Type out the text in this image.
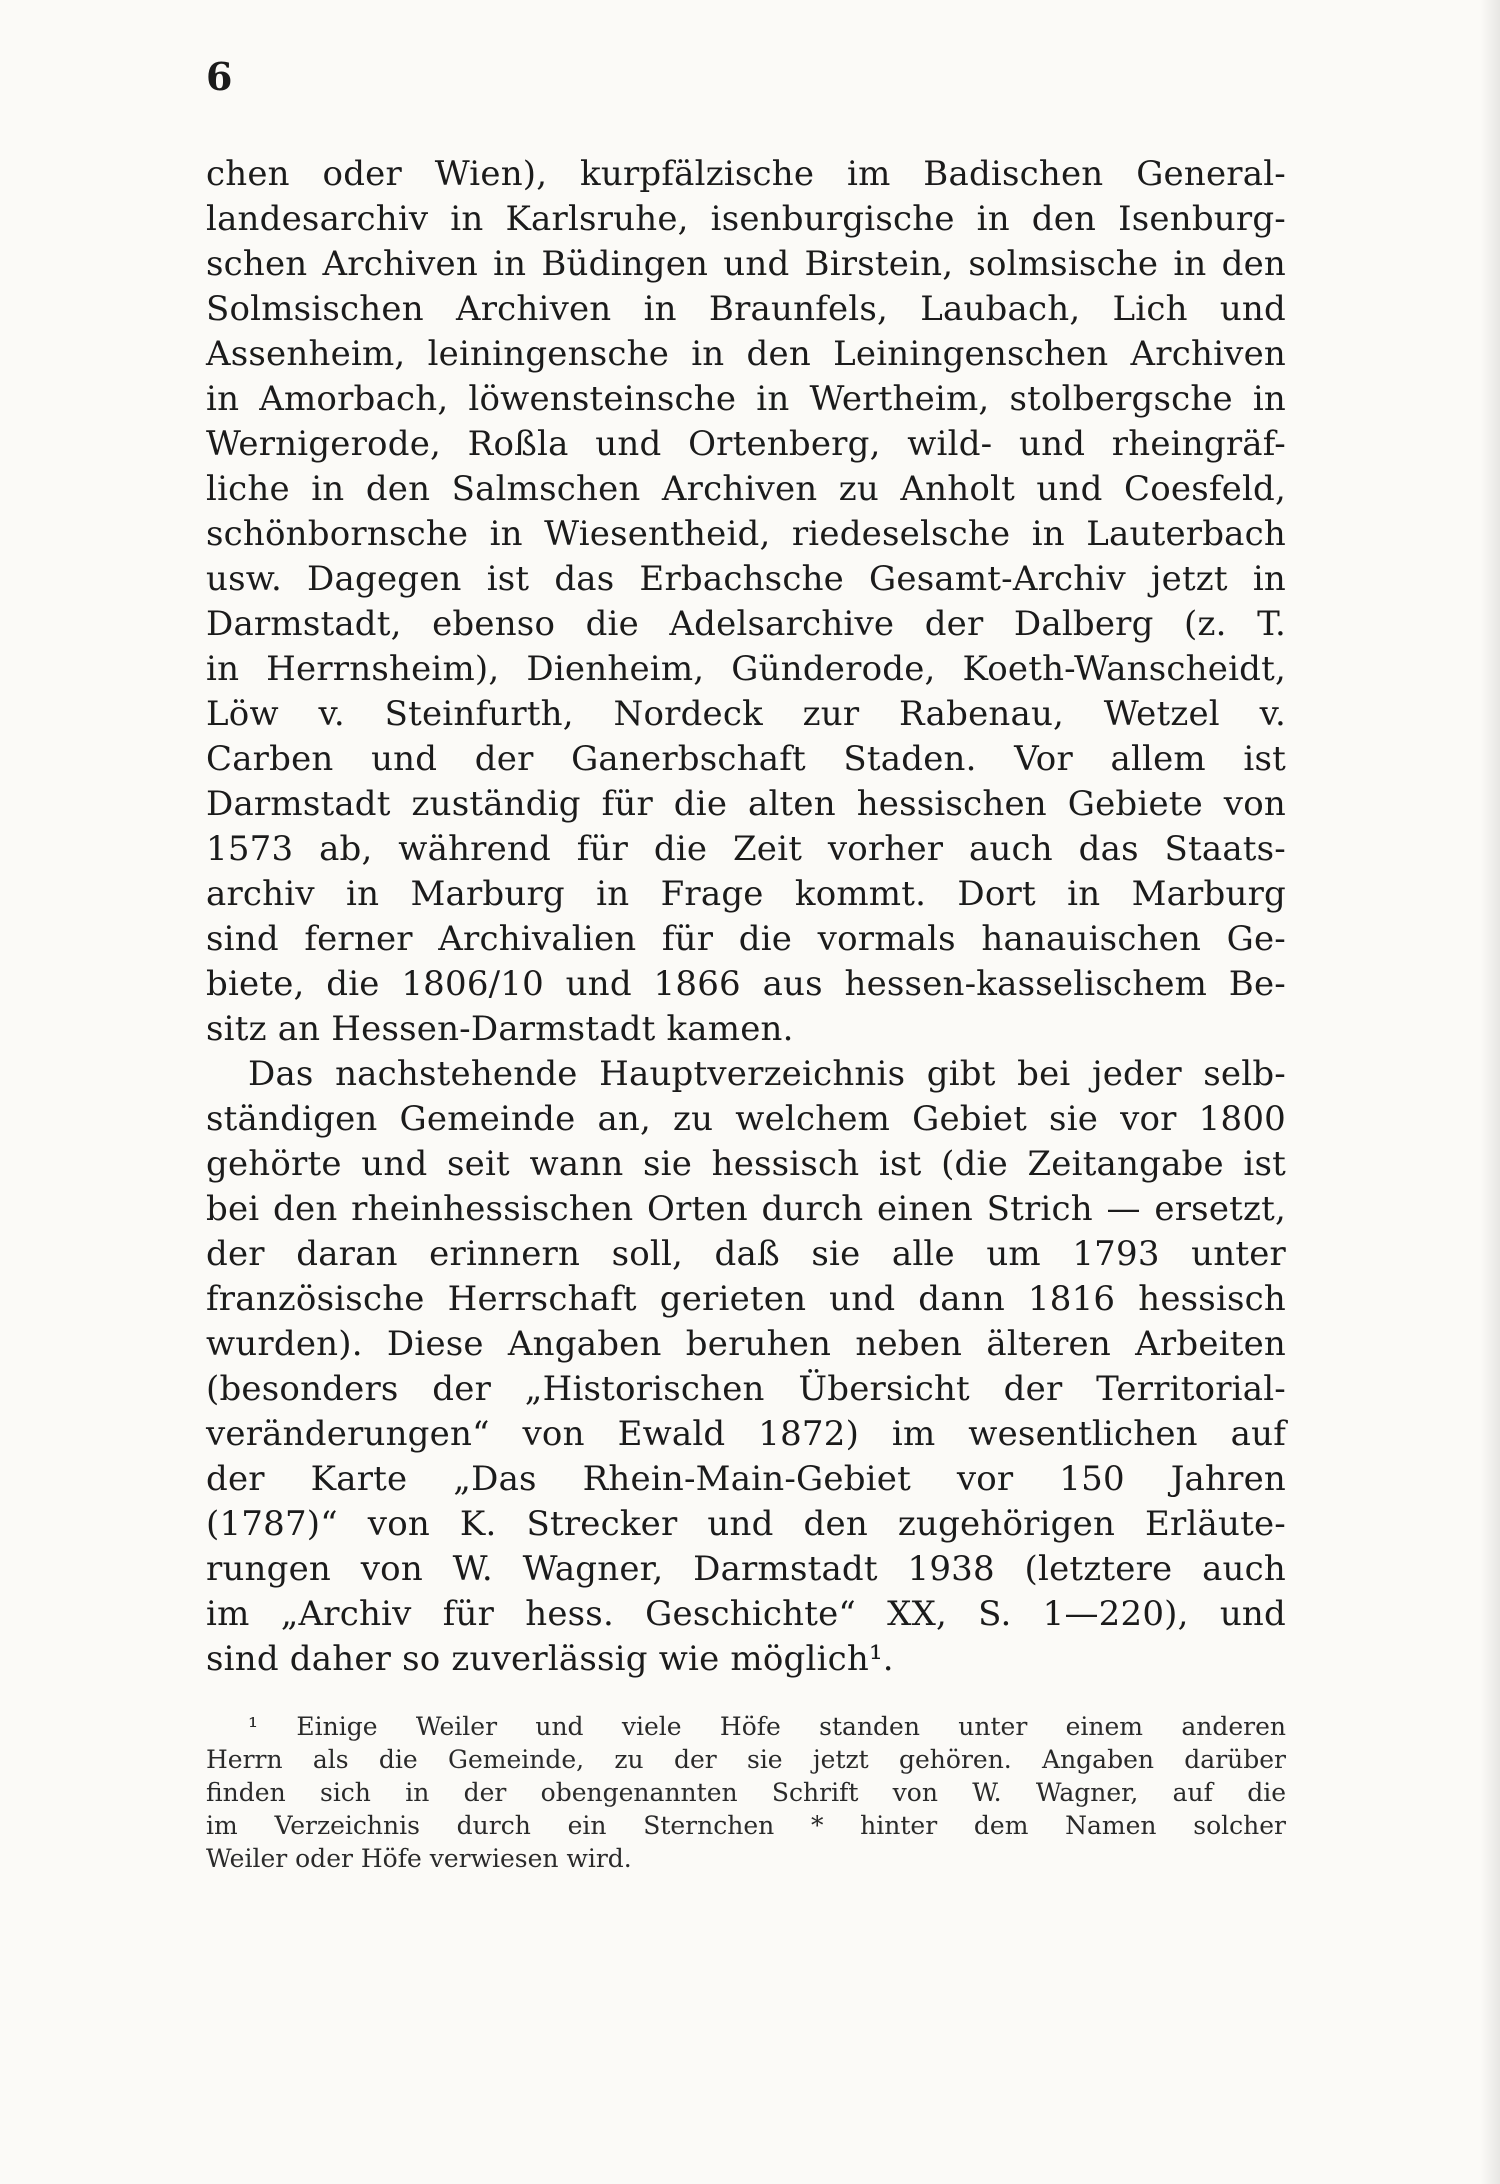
6
chen oder Wien), kurpfälzische im Badischen General-
landesarchiv in Karlsruhe, isenburgische in den Isenburg-
schen Archiven in Büdingen und Birstein, solmsische in den
Solmsischen Archiven in Braunfels, Laubach, Lich und
Assenheim, leiningensche in den Leiningenschen Archiven
in Amorbach, löwensteinsche in Wertheim, stolbergsche in
Wernigerode, Roßla und Ortenberg, wild- und rheingräf-
liche in den Salmschen Archiven zu Anholt und Coesfeld,
schönbornsche in Wiesentheid, riedeselsche in Lauterbach
usw. Dagegen ist das Erbachsche Gesamt-Archiv jetzt in
Darmstadt, ebenso die Adelsarchive der Dalberg (z. T.
in Herrnsheim), Dienheim, Günderode, Koeth-Wanscheidt,
Löw v. Steinfurth, Nordeck zur Rabenau, Wetzel v.
Carben und der Ganerbschaft Staden. Vor allem ist
Darmstadt zuständig für die alten hessischen Gebiete von
1573 ab, während für die Zeit vorher auch das Staats-
archiv in Marburg in Frage kommt. Dort in Marburg
sind ferner Archivalien für die vormals hanauischen Ge-
biete, die 1806/10 und 1866 aus hessen-kasselischem Be-
sitz an Hessen-Darmstadt kamen.
Das nachstehende Hauptverzeichnis gibt bei jeder selb-
ständigen Gemeinde an, zu welchem Gebiet sie vor 1800
gehörte und seit wann sie hessisch ist (die Zeitangabe ist
bei den rheinhessischen Orten durch einen Strich — ersetzt,
der daran erinnern soll, daß sie alle um 1793 unter
französische Herrschaft gerieten und dann 1816 hessisch
wurden). Diese Angaben beruhen neben älteren Arbeiten
(besonders der „Historischen Übersicht der Territorial-
veränderungen“ von Ewald 1872) im wesentlichen auf
der Karte „Das Rhein-Main-Gebiet vor 150 Jahren
(1787)“ von K. Strecker und den zugehörigen Erläute-
rungen von W. Wagner, Darmstadt 1938 (letztere auch
im „Archiv für hess. Geschichte“ XX, S. 1—220), und
sind daher so zuverlässig wie möglich¹.
¹ Einige Weiler und viele Höfe standen unter einem anderen
Herrn als die Gemeinde, zu der sie jetzt gehören. Angaben darüber
finden sich in der obengenannten Schrift von W. Wagner, auf die
im Verzeichnis durch ein Sternchen * hinter dem Namen solcher
Weiler oder Höfe verwiesen wird.
